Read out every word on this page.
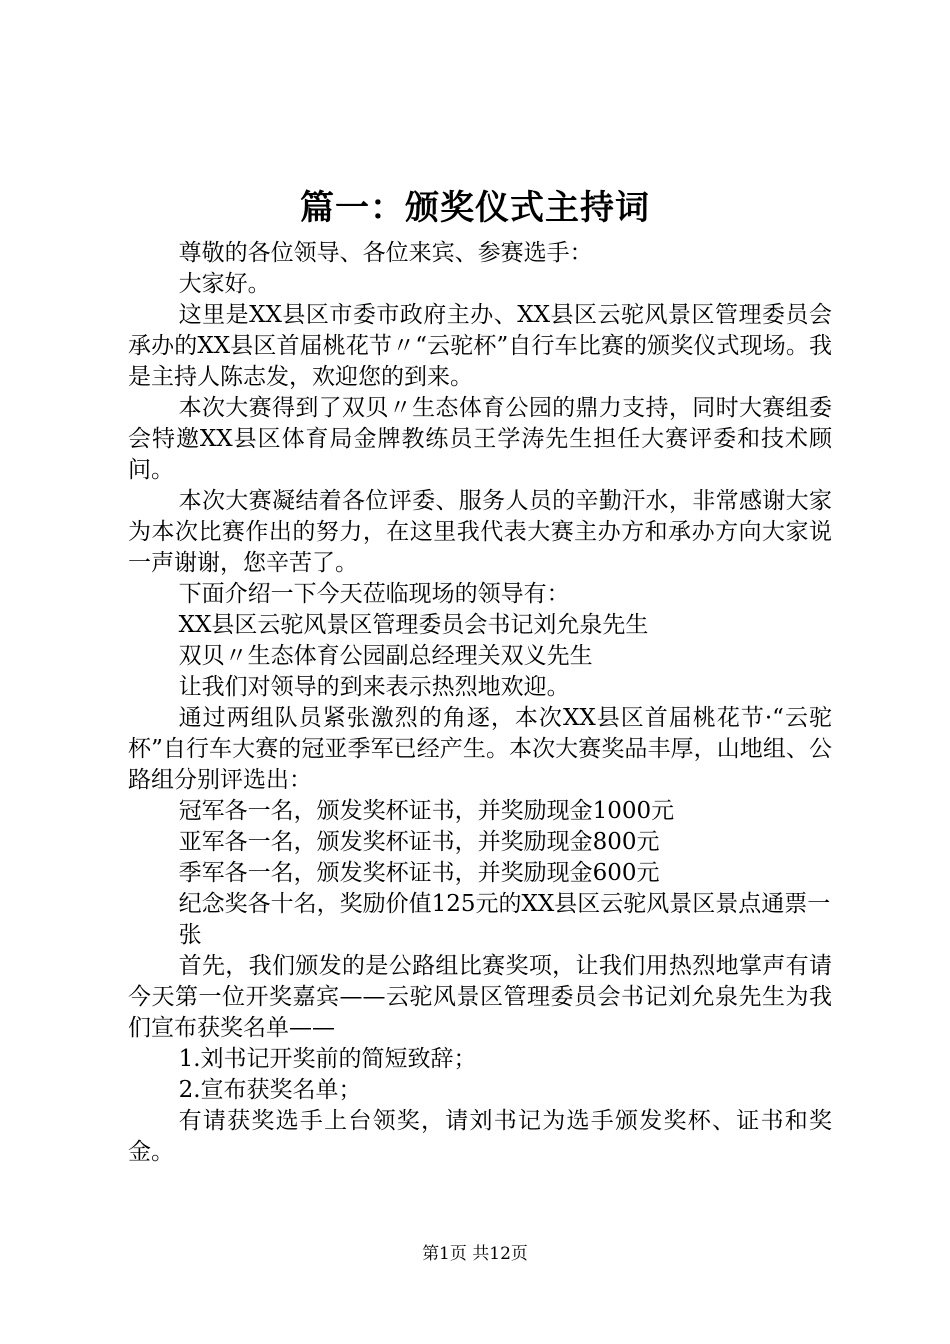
篇一：颁奖仪式主持词

尊敬的各位领导、各位来宾、参赛选手：

大家好。

这里是XX县区市委市政府主办、XX县区云驼风景区管理委员会承办的XX县区首届桃花节〃“云驼杯”自行车比赛的颁奖仪式现场。我是主持人陈志发，欢迎您的到来。

本次大赛得到了双贝〃生态体育公园的鼎力支持，同时大赛组委会特邀XX县区体育局金牌教练员王学涛先生担任大赛评委和技术顾问。

本次大赛凝结着各位评委、服务人员的辛勤汗水，非常感谢大家为本次比赛作出的努力，在这里我代表大赛主办方和承办方向大家说一声谢谢，您辛苦了。

下面介绍一下今天莅临现场的领导有：

XX县区云驼风景区管理委员会书记刘允泉先生

双贝〃生态体育公园副总经理关双义先生

让我们对领导的到来表示热烈地欢迎。

通过两组队员紧张激烈的角逐，本次XX县区首届桃花节·“云驼杯”自行车大赛的冠亚季军已经产生。本次大赛奖品丰厚，山地组、公路组分别评选出：

冠军各一名，颁发奖杯证书，并奖励现金1000元

亚军各一名，颁发奖杯证书，并奖励现金800元

季军各一名，颁发奖杯证书，并奖励现金600元

纪念奖各十名，奖励价值125元的XX县区云驼风景区景点通票一

张

首先，我们颁发的是公路组比赛奖项，让我们用热烈地掌声有请今天第一位开奖嘉宾——云驼风景区管理委员会书记刘允泉先生为我们宣布获奖名单——

1.刘书记开奖前的简短致辞；

2.宣布获奖名单；

有请获奖选手上台领奖，请刘书记为选手颁发奖杯、证书和奖金。

第1页 共12页
